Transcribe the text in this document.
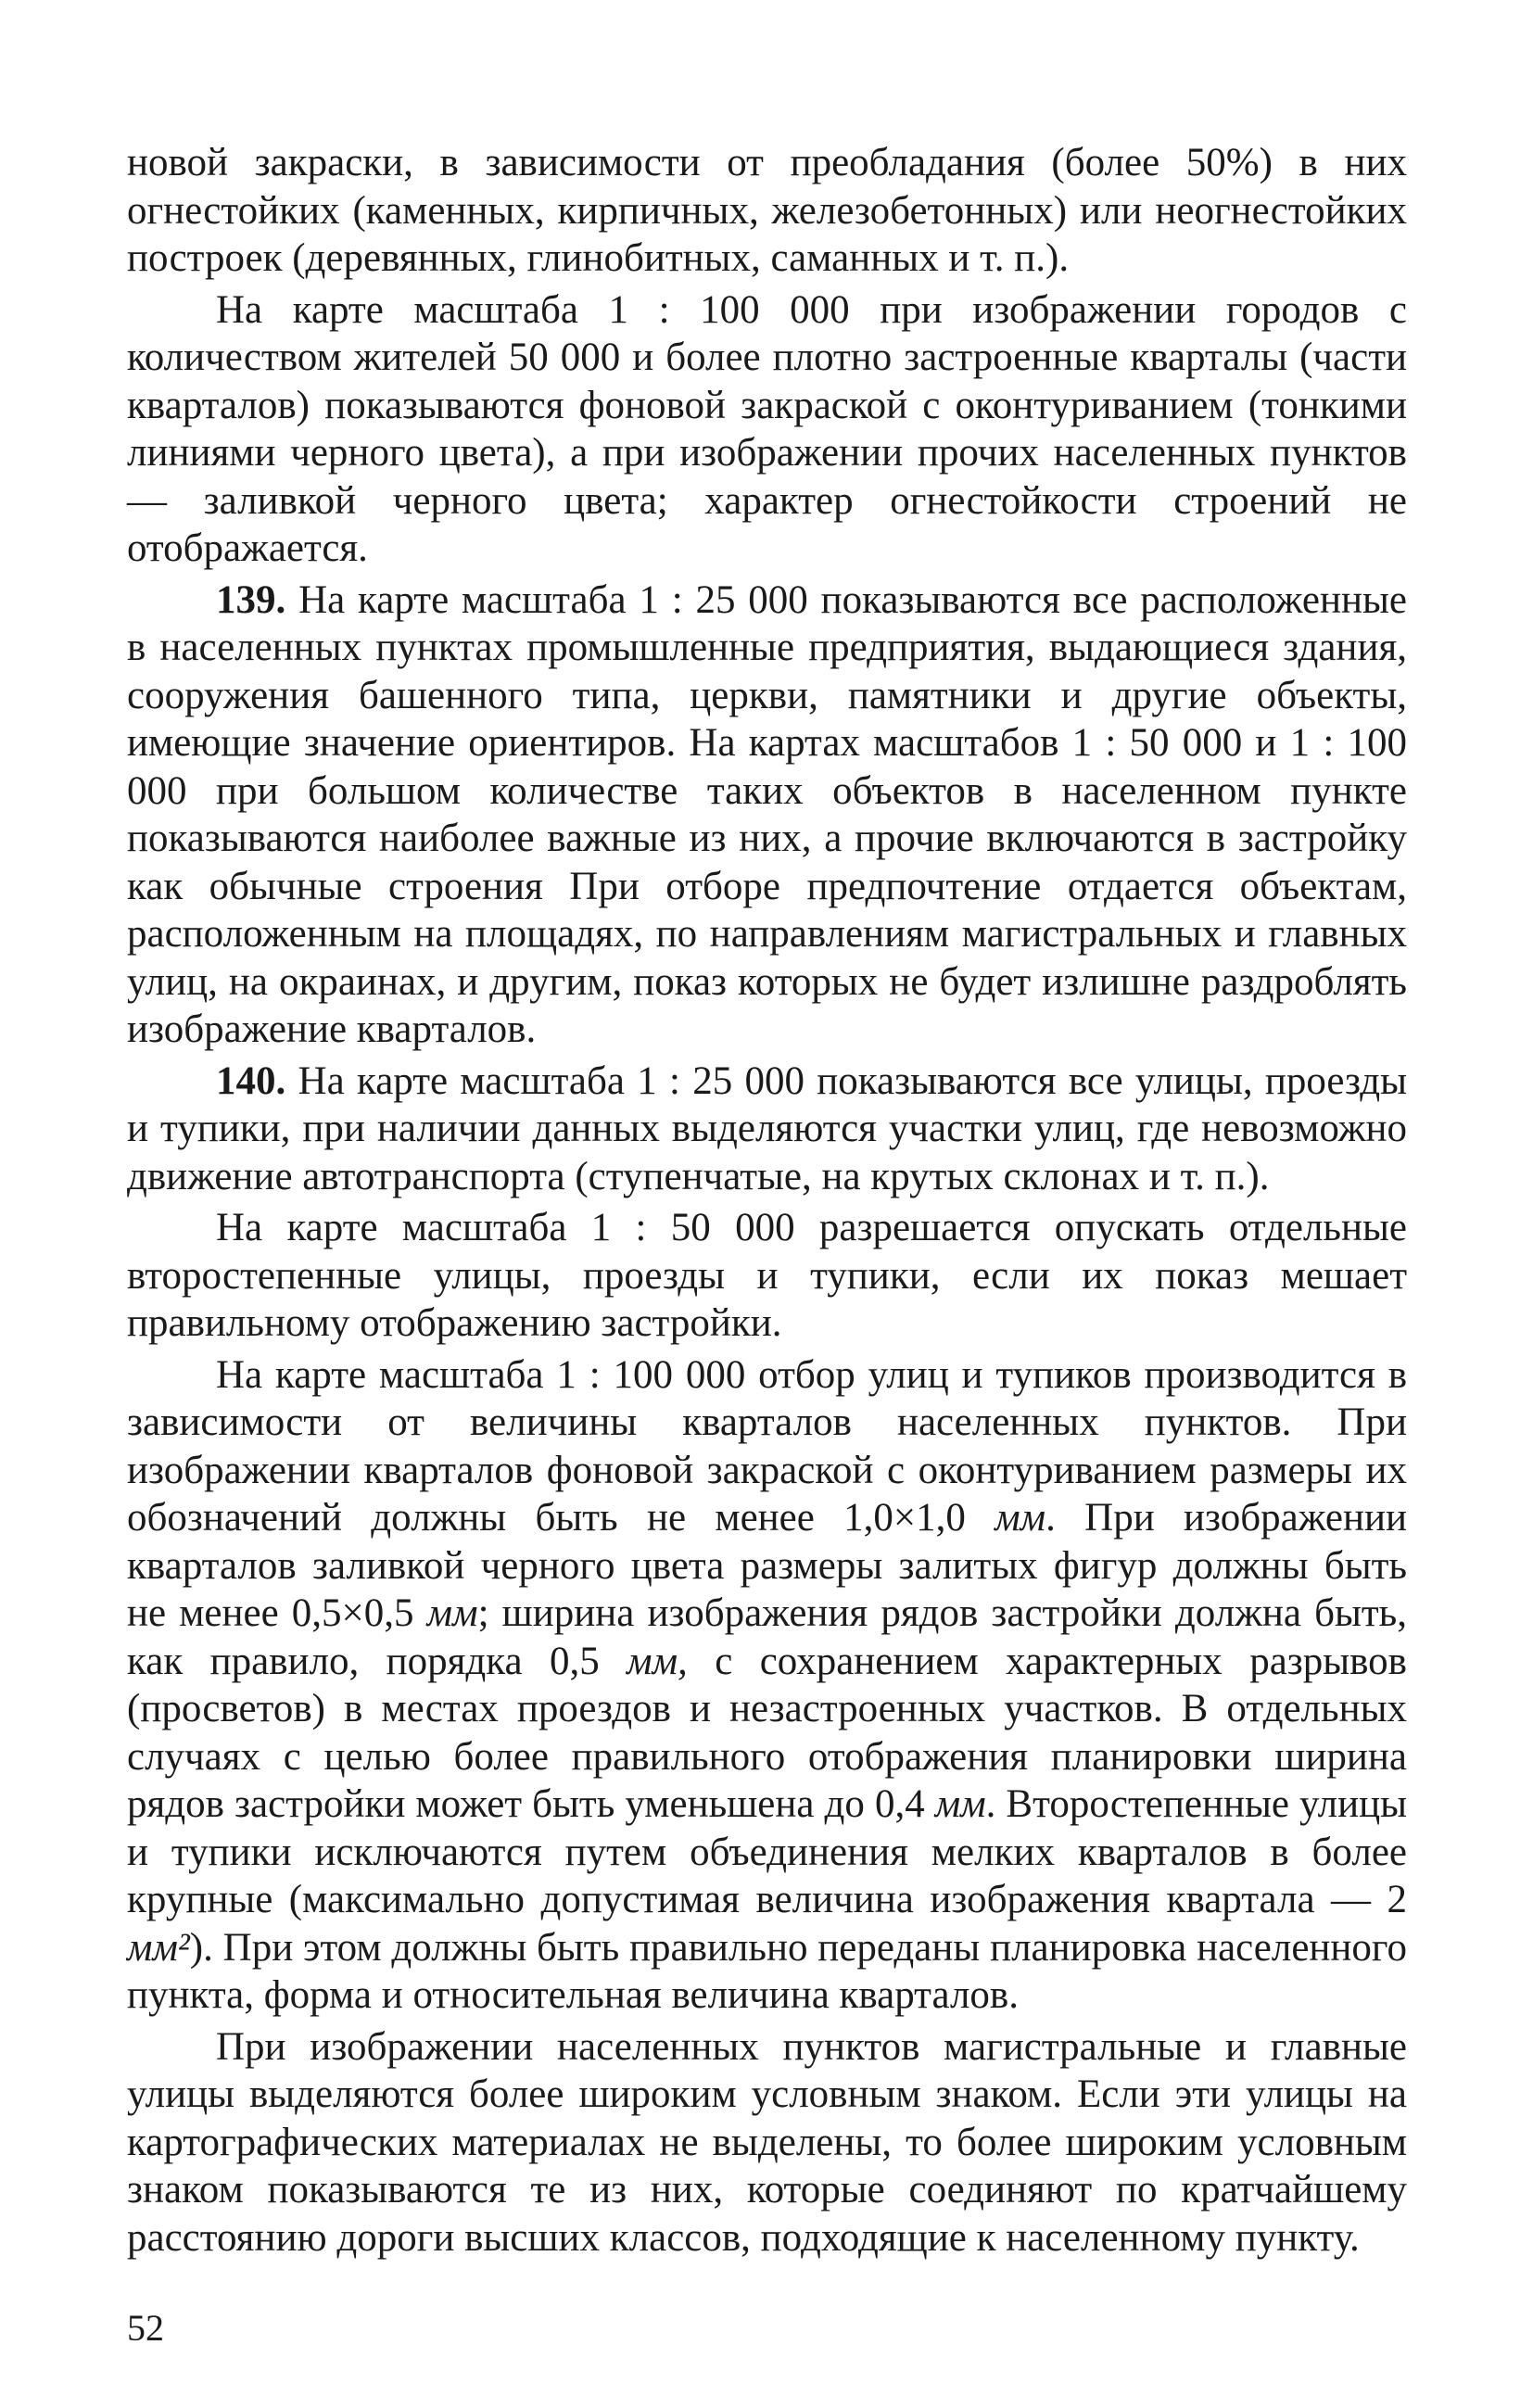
новой закраски, в зависимости от преобладания (более 50%) в них огнестойких (каменных, кирпичных, железобетонных) или неогнестойких построек (деревянных, глинобитных, саманных и т. п.).

На карте масштаба 1 : 100 000 при изображении городов с количеством жителей 50 000 и более плотно застроенные кварталы (части кварталов) показываются фоновой закраской с оконтуриванием (тонкими линиями черного цвета), а при изображении прочих населенных пунктов — заливкой черного цвета; характер огнестойкости строений не отображается.

139. На карте масштаба 1 : 25 000 показываются все расположенные в населенных пунктах промышленные предприятия, выдающиеся здания, сооружения башенного типа, церкви, памятники и другие объекты, имеющие значение ориентиров. На картах масштабов 1 : 50 000 и 1 : 100 000 при большом количестве таких объектов в населенном пункте показываются наиболее важные из них, а прочие включаются в застройку как обычные строения При отборе предпочтение отдается объектам, расположенным на площадях, по направлениям магистральных и главных улиц, на окраинах, и другим, показ которых не будет излишне раздроблять изображение кварталов.

140. На карте масштаба 1 : 25 000 показываются все улицы, проезды и тупики, при наличии данных выделяются участки улиц, где невозможно движение автотранспорта (ступенчатые, на крутых склонах и т. п.).

На карте масштаба 1 : 50 000 разрешается опускать отдельные второстепенные улицы, проезды и тупики, если их показ мешает правильному отображению застройки.

На карте масштаба 1 : 100 000 отбор улиц и тупиков производится в зависимости от величины кварталов населенных пунктов. При изображении кварталов фоновой закраской с оконтуриванием размеры их обозначений должны быть не менее 1,0×1,0 мм. При изображении кварталов заливкой черного цвета размеры залитых фигур должны быть не менее 0,5×0,5 мм; ширина изображения рядов застройки должна быть, как правило, порядка 0,5 мм, с сохранением характерных разрывов (просветов) в местах проездов и незастроенных участков. В отдельных случаях с целью более правильного отображения планировки ширина рядов застройки может быть уменьшена до 0,4 мм. Второстепенные улицы и тупики исключаются путем объединения мелких кварталов в более крупные (максимально допустимая величина изображения квартала — 2 мм²). При этом должны быть правильно переданы планировка населенного пункта, форма и относительная величина кварталов.

При изображении населенных пунктов магистральные и главные улицы выделяются более широким условным знаком. Если эти улицы на картографических материалах не выделены, то более широким условным знаком показываются те из них, которые соединяют по кратчайшему расстоянию дороги высших классов, подходящие к населенному пункту.

52
